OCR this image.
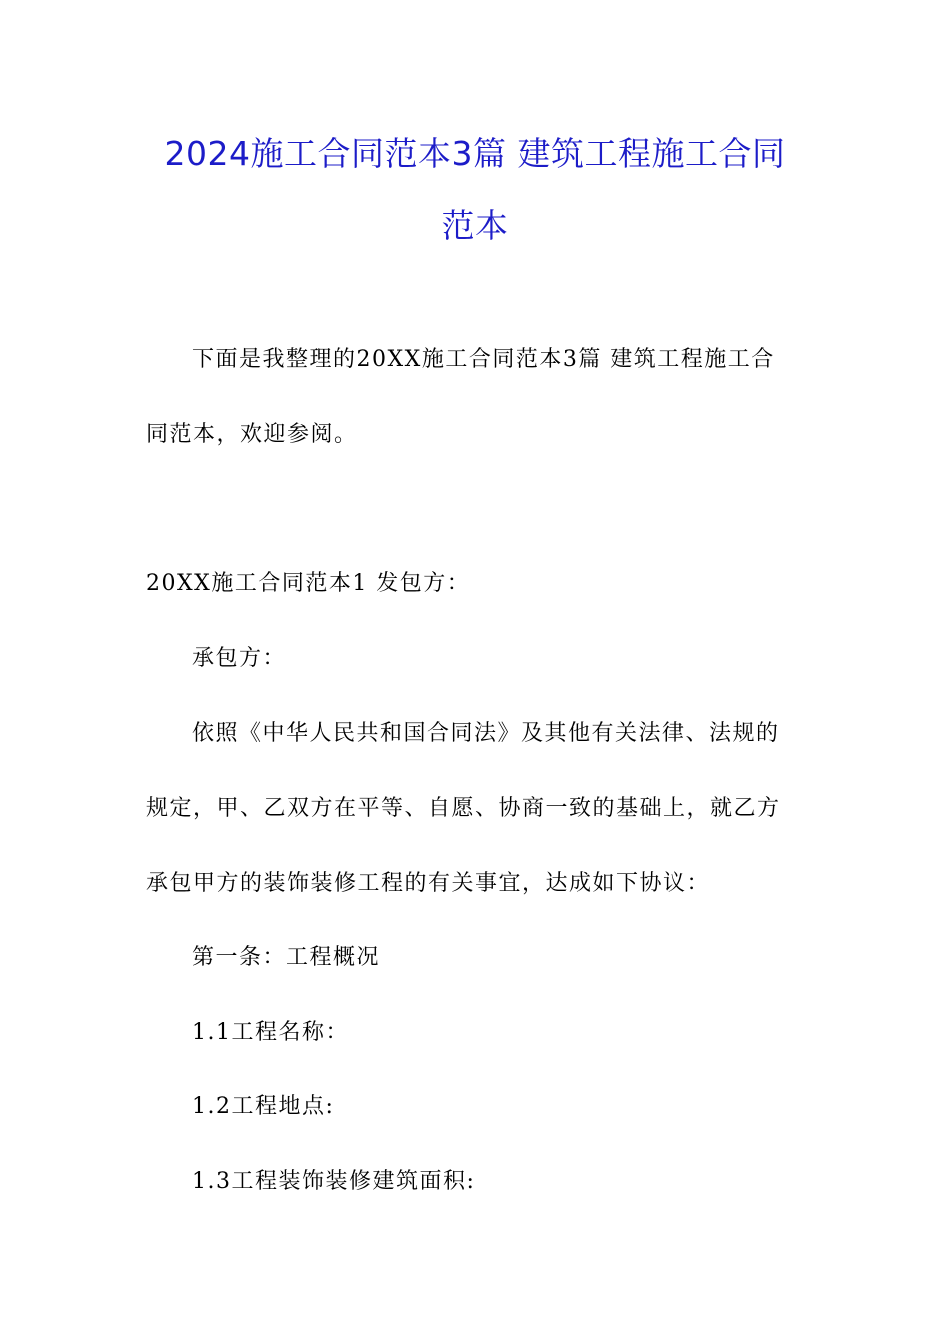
2024施工合同范本3篇 建筑工程施工合同
范本
下面是我整理的20XX施工合同范本3篇 建筑工程施工合
同范本，欢迎参阅。
20XX施工合同范本1 发包方：
承包方：
依照《中华人民共和国合同法》及其他有关法律、法规的
规定，甲、乙双方在平等、自愿、协商一致的基础上，就乙方
承包甲方的装饰装修工程的有关事宜，达成如下协议：
第一条：工程概况
1.1工程名称：
1.2工程地点:
1.3工程装饰装修建筑面积:
